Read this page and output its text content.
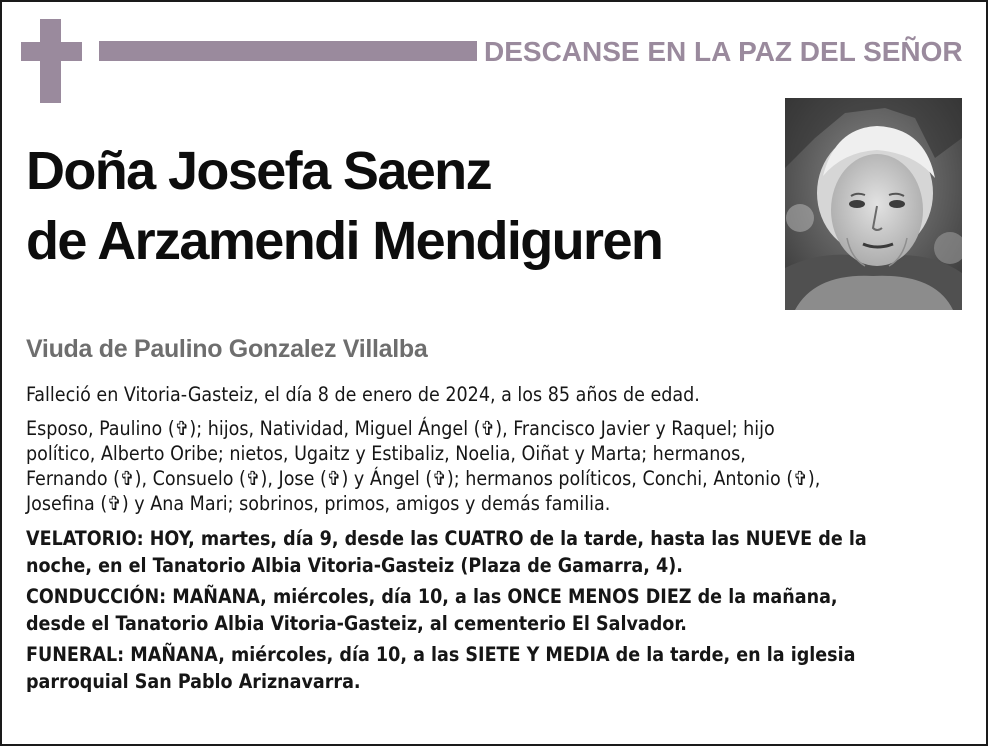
DESCANSE EN LA PAZ DEL SEÑOR
Doña Josefa Saenz
de Arzamendi Mendiguren
Viuda de Paulino Gonzalez Villalba

Falleció en Vitoria-Gasteiz, el día 8 de enero de 2024, a los 85 años de edad.

Esposo, Paulino (✞); hijos, Natividad, Miguel Ángel (✞), Francisco Javier y Raquel; hijo
político, Alberto Oribe; nietos, Ugaitz y Estibaliz, Noelia, Oiñat y Marta; hermanos,
Fernando (✞), Consuelo (✞), Jose (✞) y Ángel (✞); hermanos políticos, Conchi, Antonio (✞),
Josefina (✞) y Ana Mari; sobrinos, primos, amigos y demás familia.

VELATORIO: HOY, martes, día 9, desde las CUATRO de la tarde, hasta las NUEVE de la
noche, en el Tanatorio Albia Vitoria-Gasteiz (Plaza de Gamarra, 4).

CONDUCCIÓN: MAÑANA, miércoles, día 10, a las ONCE MENOS DIEZ de la mañana,
desde el Tanatorio Albia Vitoria-Gasteiz, al cementerio El Salvador.

FUNERAL: MAÑANA, miércoles, día 10, a las SIETE Y MEDIA de la tarde, en la iglesia
parroquial San Pablo Ariznavarra.
